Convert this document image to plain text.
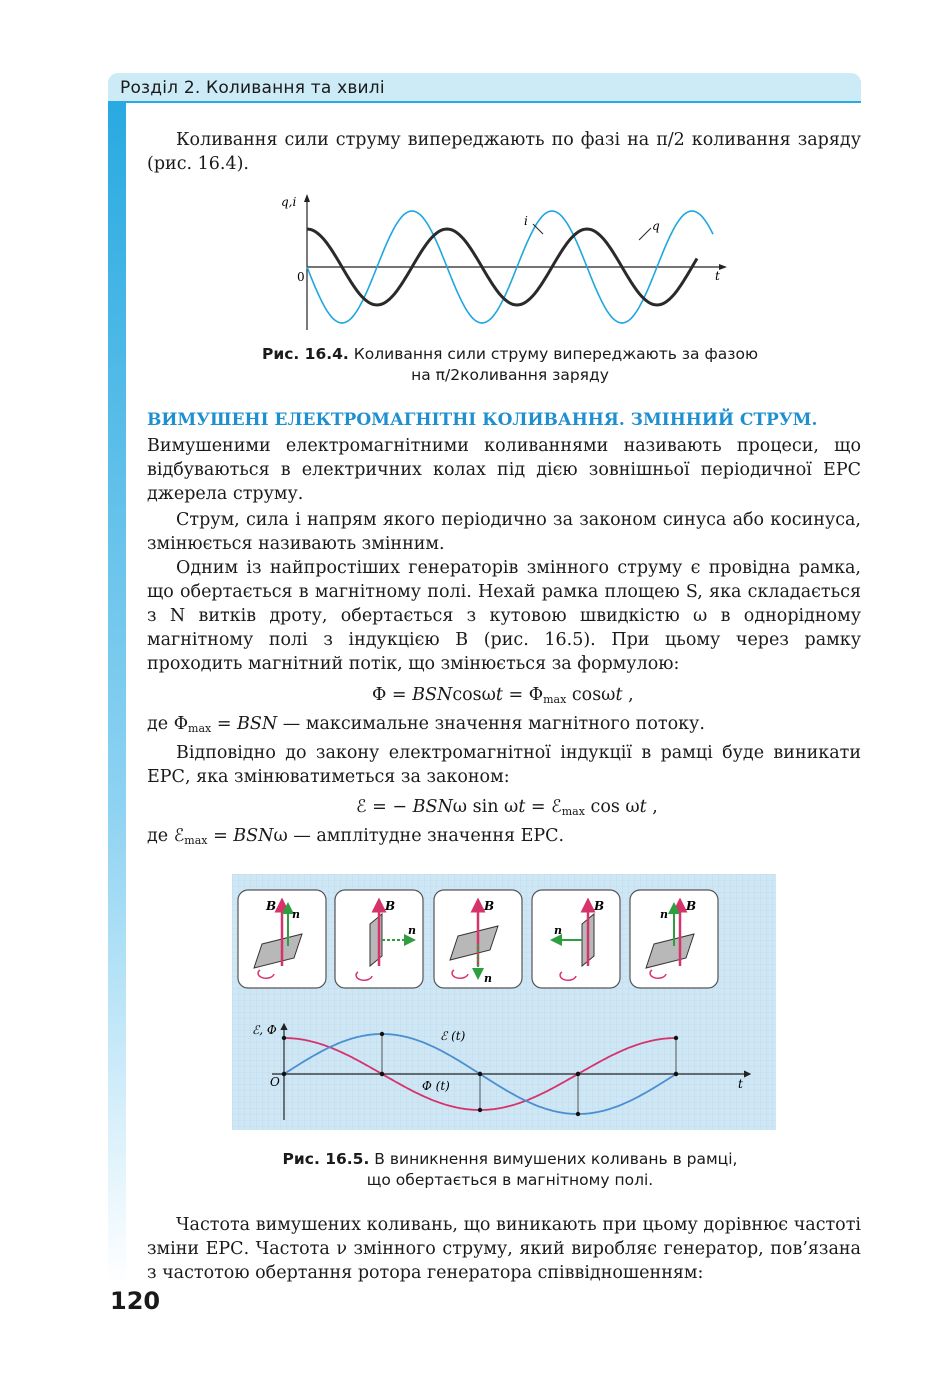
Розділ 2. Коливання та хвилі

Коливання сили струму випереджають по фазі на π/2 коливання заряду (рис. 16.4).

q,i
0	t
i	q
Рис. 16.4. Коливання сили струму випереджають за фазою
на π/2коливання заряду

ВИМУШЕНІ ЕЛЕКТРОМАГНІТНІ КОЛИВАННЯ. ЗМІННИЙ СТРУМ.

Вимушеними електромагнітними коливаннями називають процеси, що відбуваються в електричних колах під дією зовнішньої періодичної ЕРС джерела струму.

Струм, сила і напрям якого періодично за законом синуса або косинуса, змінюється називають змінним.

Одним із найпростіших генераторів змінного струму є провідна рамка, що обертається в магнітному полі. Нехай рамка площею S, яка складається з N витків дроту, обертається з кутовою швидкістю ω в однорідному магнітному полі з індукцією B (рис. 16.5). При цьому через рамку проходить магнітний потік, що змінюється за формулою:

$\Phi = BSNcos\omega t = \Phi_{max}$ cosωt ,
де $\Phi_{max}$ = BSN — максимальне значення магнітного потоку.

Відповідно до закону електромагнітної індукції в рамці буде виникати ЕРС, яка змінюватиметься за законом:

ℰ = − BSNω sin ωt = ℰ$_{max}$ cos ωt ,
де ℰ$_{max}$ = BSNω — амплітудне значення ЕРС.
B
n
B
n
B
n
B
n
B
n
ℰ, Φ
O	t
ℰ (t)
Φ (t)
Рис. 16.5. В виникнення вимушених коливань в рамці,
що обертається в магнітному полі.

Частота вимушених коливань, що виникають при цьому дорівнює частоті зміни ЕРС. Частота ν змінного струму, який виробляє генератор, пов’язана з частотою обертання ротора генератора співвідношенням:

120
